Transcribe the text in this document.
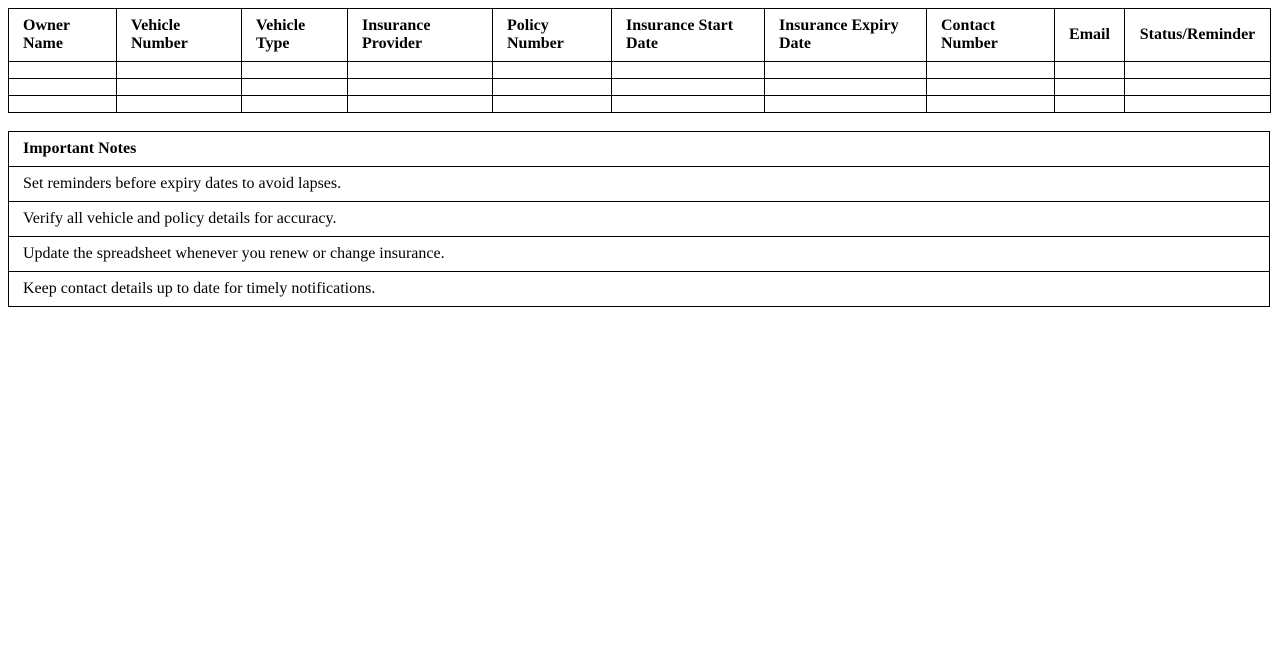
Owner Name	Vehicle Number	Vehicle Type	Insurance Provider	Policy Number	Insurance Start Date	Insurance Expiry Date	Contact Number	Email	Status/Reminder

Important Notes
Set reminders before expiry dates to avoid lapses.
Verify all vehicle and policy details for accuracy.
Update the spreadsheet whenever you renew or change insurance.
Keep contact details up to date for timely notifications.
